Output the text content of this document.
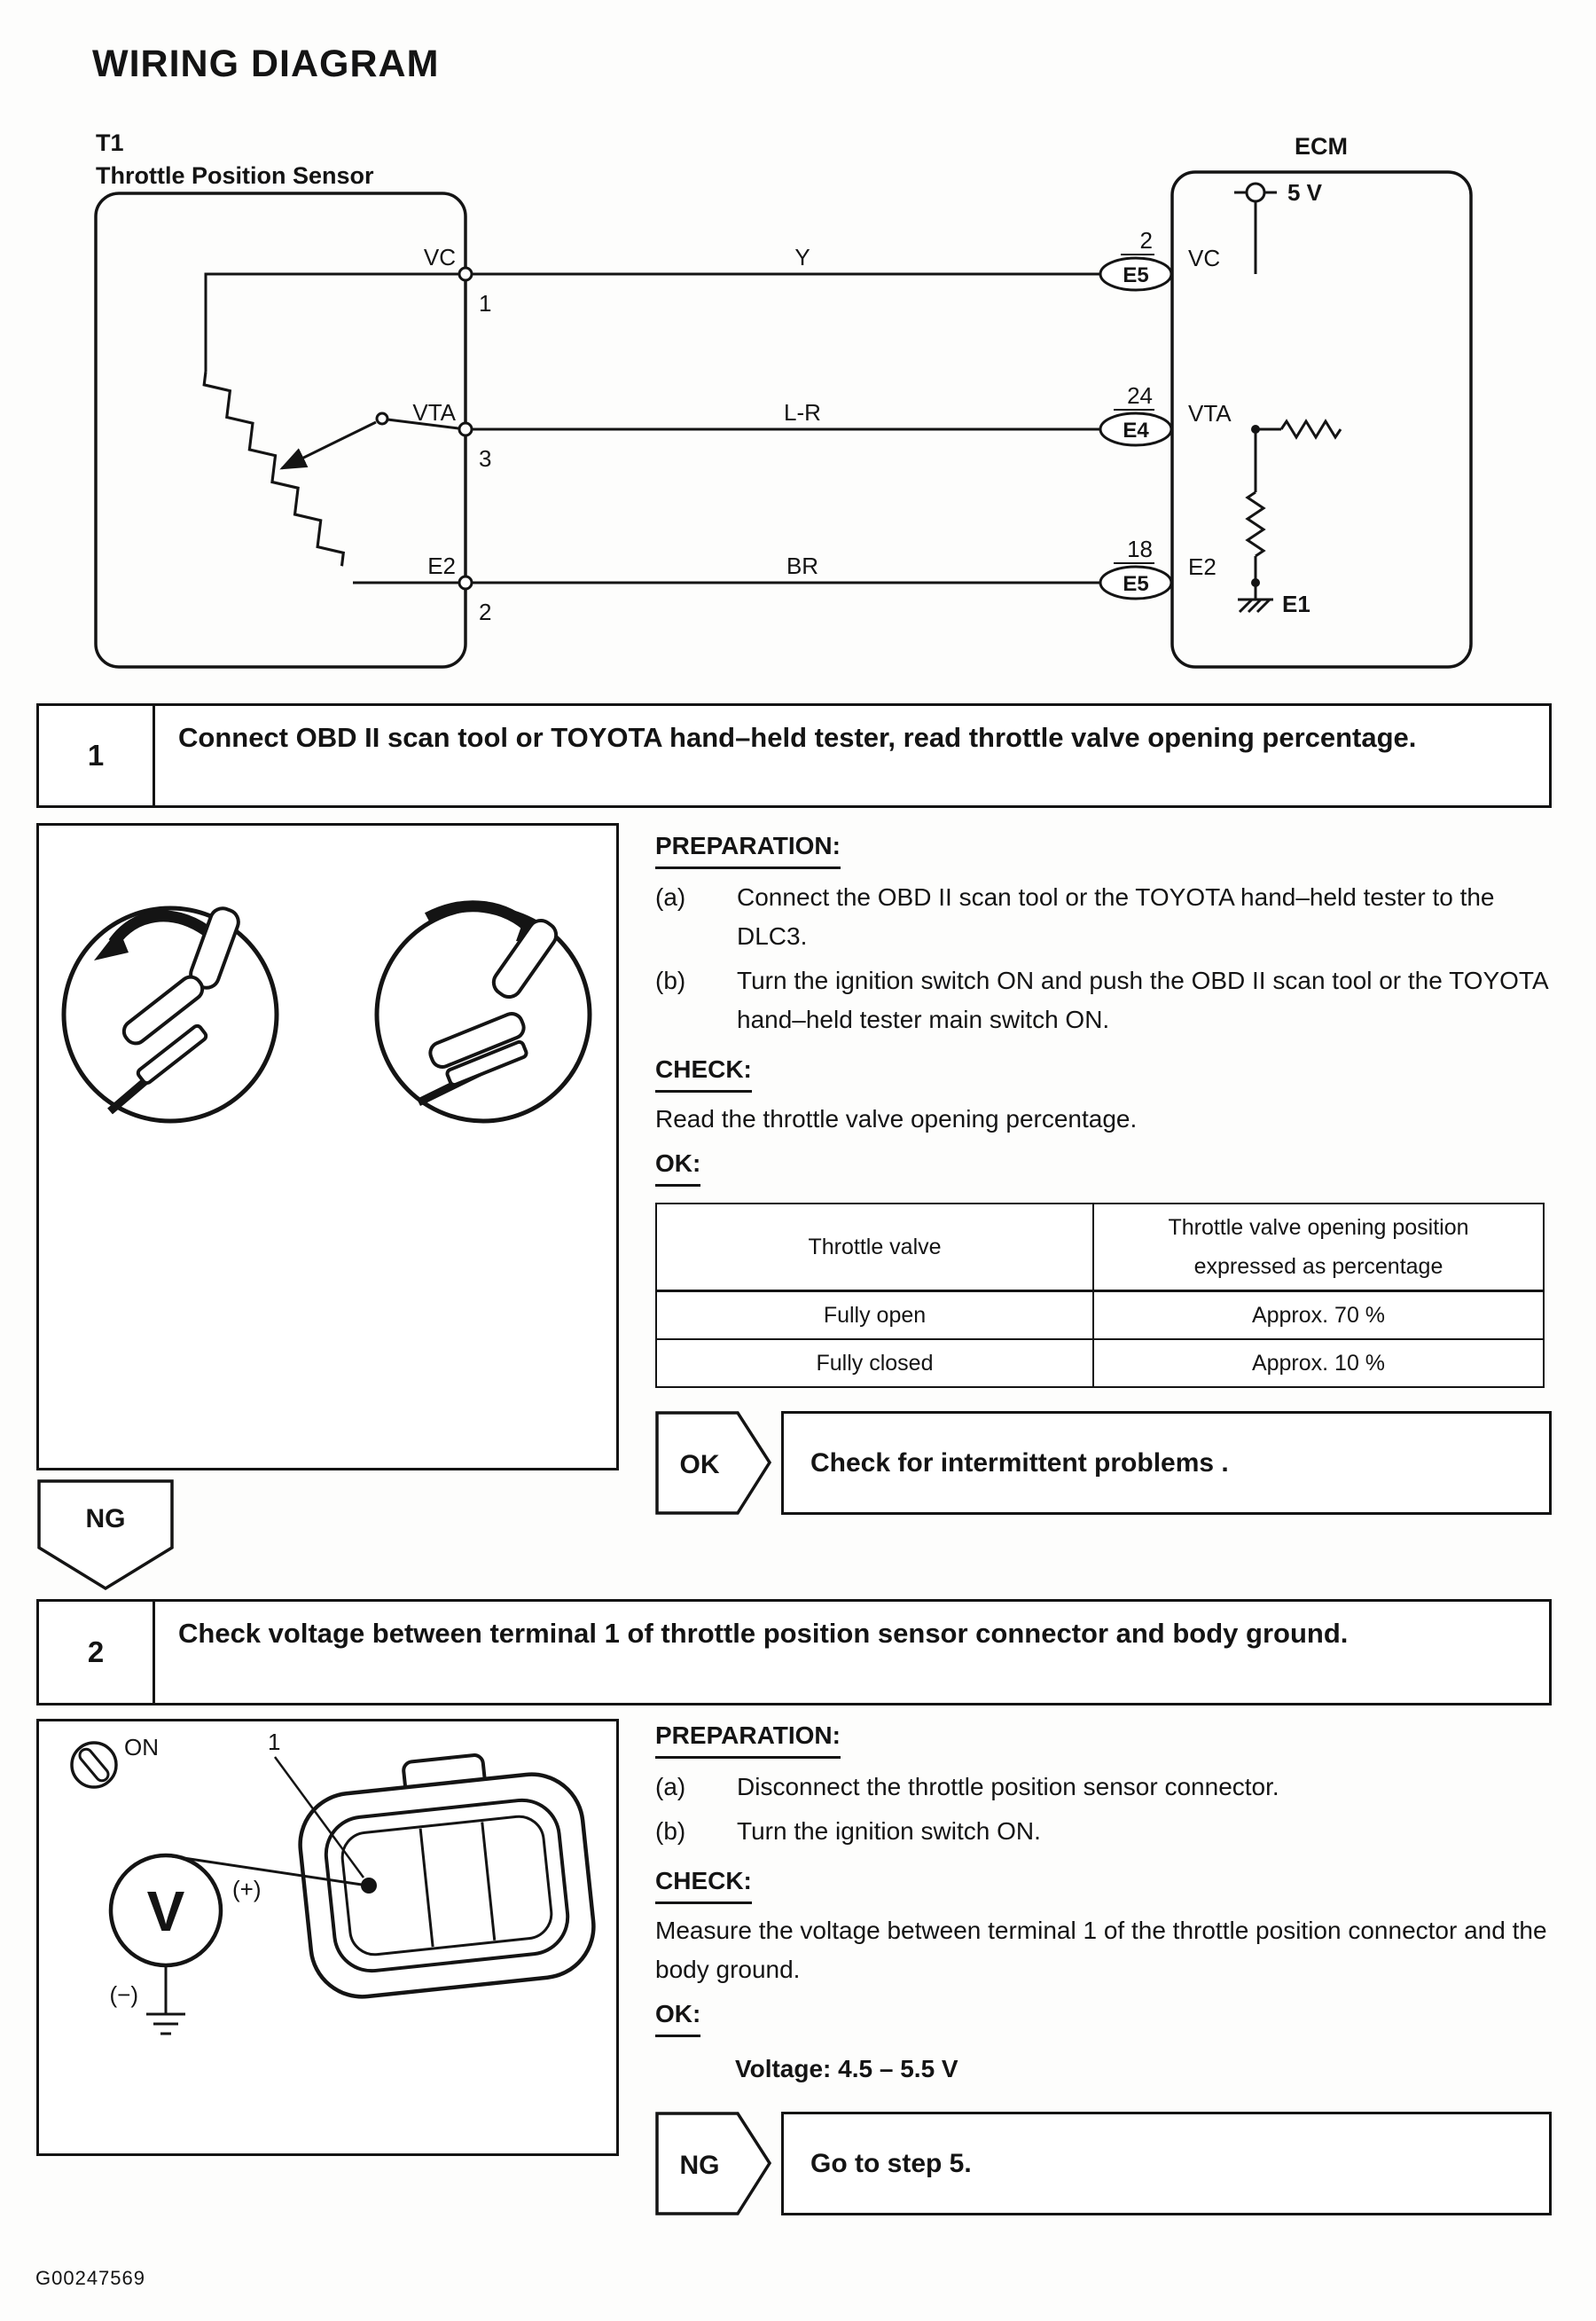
WIRING DIAGRAM
T1
Throttle Position Sensor
ECM
VC
VTA
E2
1
3
2
Y
L-R
BR
E5
E4
E5
2
24
18
VC
VTA
E2
5 V
E1
1
Connect OBD II scan tool or TOYOTA hand–held tester, read throttle valve opening percentage.
PREPARATION:
(a)	Connect the OBD II scan tool or the TOYOTA hand–held tester to the DLC3.
(b)	Turn the ignition switch ON and push the OBD II scan tool or the TOYOTA hand–held tester main switch ON.
CHECK:
Read the throttle valve opening percentage.
OK:
Throttle valve	Throttle valve opening position
expressed as percentage

Fully open	Approx. 70 %
Fully closed	Approx. 10 %
OK	Check for intermittent problems .
NG
2
Check voltage between terminal 1 of throttle position sensor connector and body ground.
ON	1
V (+)
(−)
PREPARATION:
(a)	Disconnect the throttle position sensor connector.
(b)	Turn the ignition switch ON.
CHECK:
Measure the voltage between terminal 1 of the throttle position connector and the body ground.
OK:
Voltage: 4.5 – 5.5 V
NG	Go to step 5.
G00247569
